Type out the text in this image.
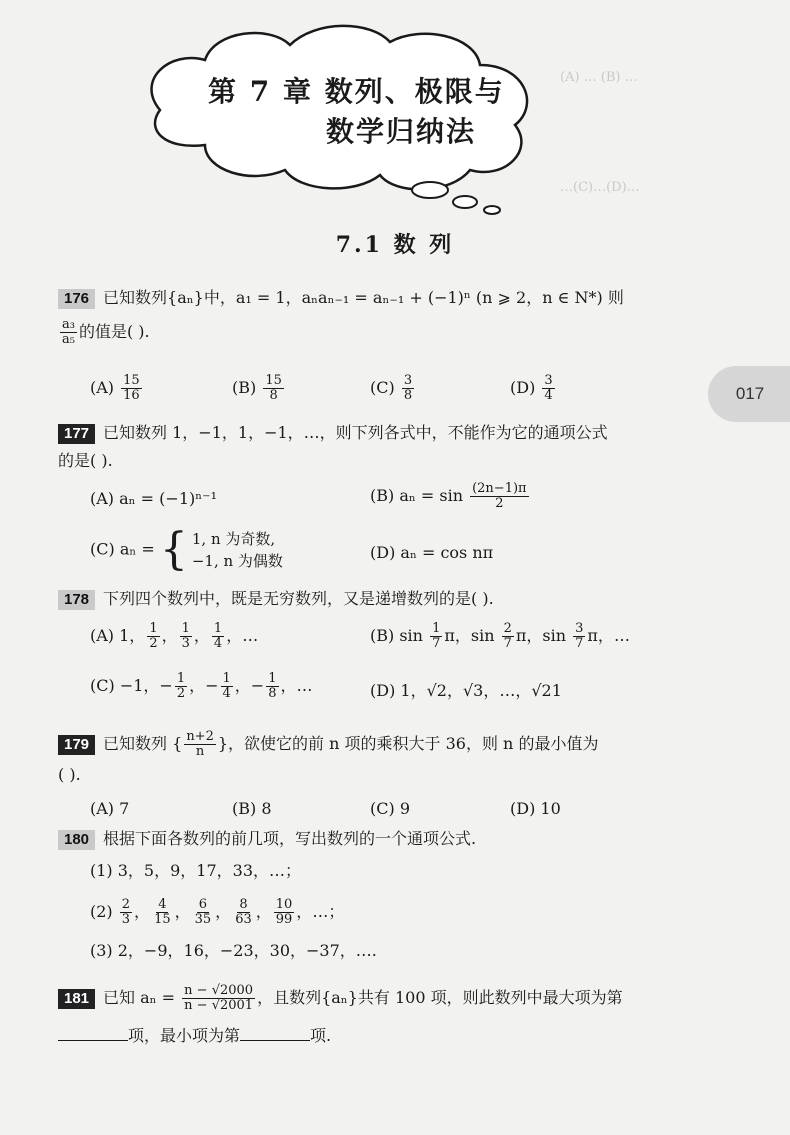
第 7 章 数列、极限与
数学归纳法
(A) … (B) …
…(C)…(D)…
7.1 数 列
017
176 已知数列{aₙ}中，a₁ = 1，aₙaₙ₋₁ = aₙ₋₁ + (−1)ⁿ (n ⩾ 2，n ∈ N*) 则
$\frac{\text{a₃}}{\text{a₅}}$ 的值是( ).
$(A) \frac{15}{16}$	$(B) \frac{15}{8}$	$(C) \frac{3}{8}$	$(D) \frac{3}{4}$
177 已知数列 1，−1，1，−1，…，则下列各式中，不能作为它的通项公式
的是( ).
(A) aₙ = (−1)ⁿ⁻¹	(B) $a_n = \sin \frac{(2n-1)\pi}{2}$
(C) aₙ = { 1, n 为奇数,
−1, n 为偶数	(D) aₙ = cos nπ
178 下列四个数列中，既是无穷数列，又是递增数列的是( ).
(A) 1， $\frac{1}{2}$ ， $\frac{1}{3}$ ， $\frac{1}{4}$ ，…	(B) $\sin \frac{1}{7}$ π，$\sin \frac{2}{7}$ π，$\sin \frac{3}{7}$ π，…
(C) −1，− $\frac{1}{2}$ ，− $\frac{1}{4}$ ，− $\frac{1}{8}$ ，…	(D) 1，√2，√3，…，√21
179 已知数列 { $\frac{n+2}{n}$ }，欲使它的前 n 项的乘积大于 36，则 n 的最小值为
( ).
(A) 7	(B) 8	(C) 9	(D) 10
180 根据下面各数列的前几项，写出数列的一个通项公式.
(1) 3，5，9，17，33，…；
$(2) \frac{2}{3}$ ， $\frac{4}{15}$ ， $\frac{6}{35}$ ， $\frac{8}{63}$ ， $\frac{10}{99}$ ，…；
(3) 2，−9，16，−23，30，−37，….
181 已知 $a_n = \frac{n - √2000}{n - √2001}$ ，且数列{aₙ}共有 100 项，则此数列中最大项为第
项，最小项为第	项.
